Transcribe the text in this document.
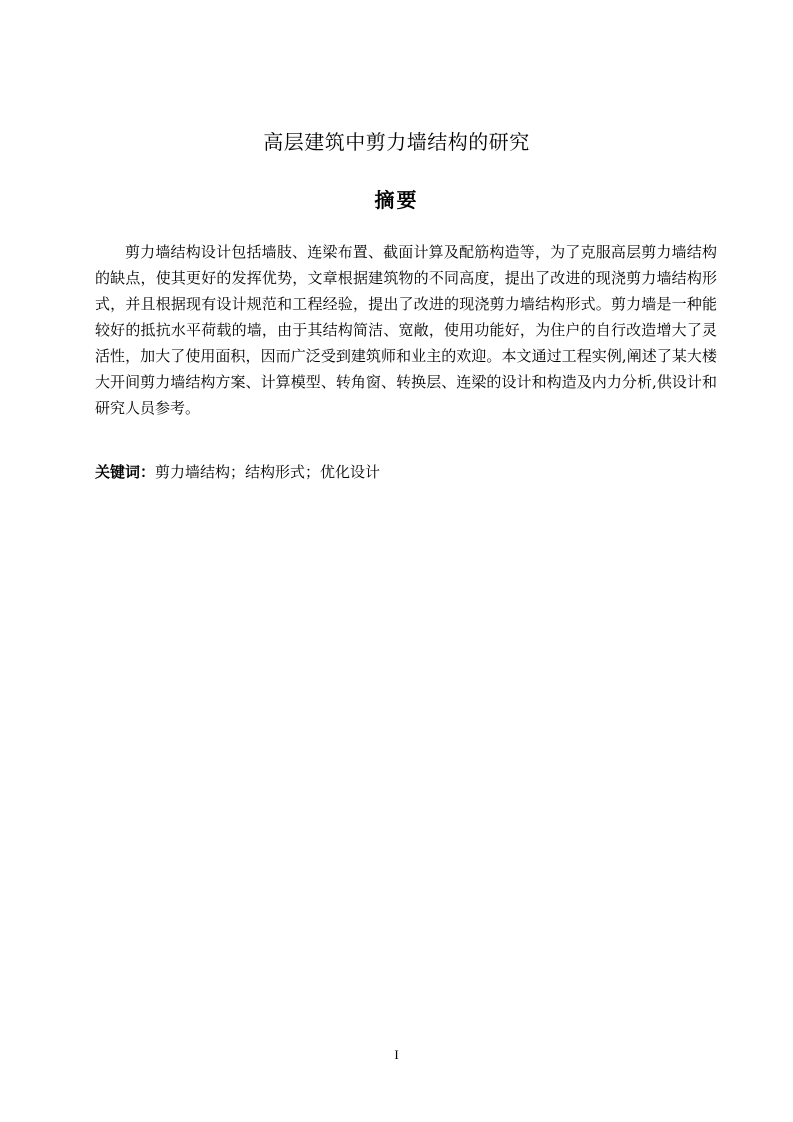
高层建筑中剪力墙结构的研究
摘要

剪力墙结构设计包括墙肢、连梁布置、截面计算及配筋构造等，为了克服高层剪力墙结构的缺点，使其更好的发挥优势，文章根据建筑物的不同高度，提出了改进的现浇剪力墙结构形式，并且根据现有设计规范和工程经验，提出了改进的现浇剪力墙结构形式。剪力墙是一种能较好的抵抗水平荷载的墙，由于其结构简洁、宽敞，使用功能好，为住户的自行改造增大了灵活性，加大了使用面积，因而广泛受到建筑师和业主的欢迎。本文通过工程实例,阐述了某大楼大开间剪力墙结构方案、计算模型、转角窗、转换层、连梁的设计和构造及内力分析,供设计和研究人员参考。

关键词：剪力墙结构；结构形式；优化设计

I
